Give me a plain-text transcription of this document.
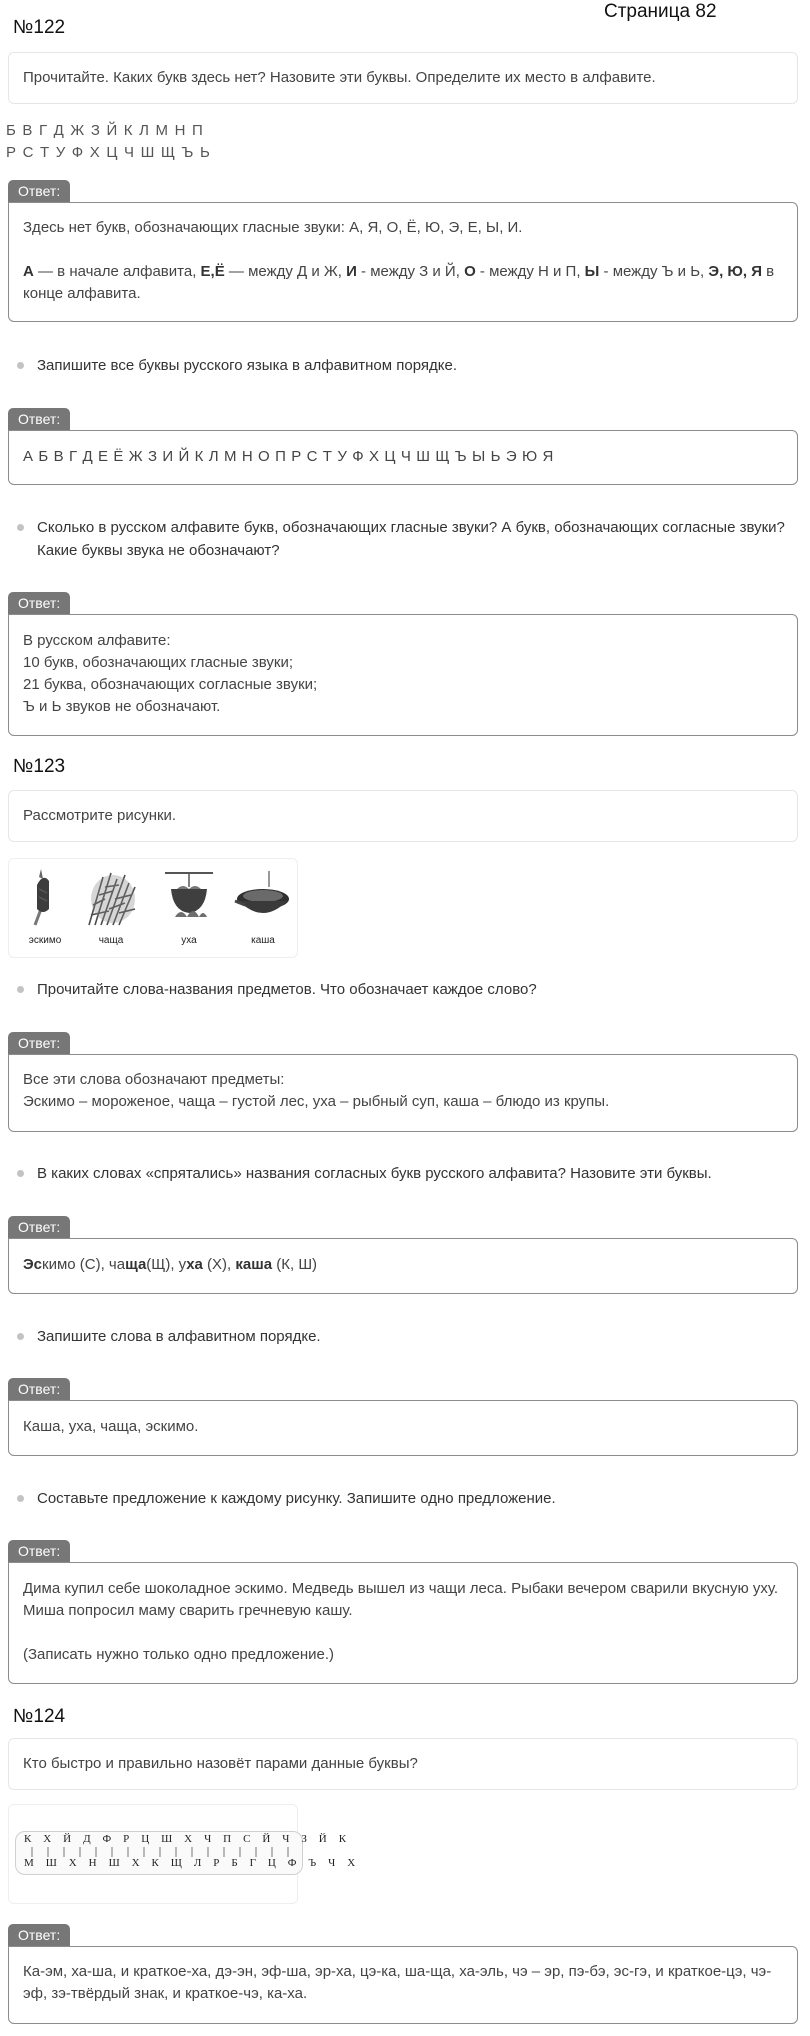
Страница 82
№122
Прочитайте. Каких букв здесь нет? Назовите эти буквы. Определите их место в алфавите.
Б В Г Д Ж З Й К Л М Н П
Р С Т У Ф Х Ц Ч Ш Щ Ъ Ь
Ответ:
Здесь нет букв, обозначающих гласные звуки: А, Я, О, Ё, Ю, Э, Е, Ы, И.
А — в начале алфавита, Е,Ё — между Д и Ж, И - между З и Й, О - между Н и П, Ы - между Ъ и Ь, Э, Ю, Я в конце алфавита.
Запишите все буквы русского языка в алфавитном порядке.
Ответ:
А Б В Г Д Е Ё Ж З И Й К Л М Н О П Р С Т У Ф Х Ц Ч Ш Щ Ъ Ы Ь Э Ю Я
Сколько в русском алфавите букв, обозначающих гласные звуки? А букв, обозначающих согласные звуки? Какие буквы звука не обозначают?
Ответ:
В русском алфавите:
10 букв, обозначающих гласные звуки;
21 буква, обозначающих согласные звуки;
Ъ и Ь звуков не обозначают.
№123
Рассмотрите рисунки.
эскимо	чаща	уха	каша
Прочитайте слова-названия предметов. Что обозначает каждое слово?
Ответ:
Все эти слова обозначают предметы:
Эскимо – мороженое, чаща – густой лес, уха – рыбный суп, каша – блюдо из крупы.
В каких словах «спрятались» названия согласных букв русского алфавита? Назовите эти буквы.
Ответ:
Эскимо (С), чаща(Щ), уха (Х), каша (К, Ш)
Запишите слова в алфавитном порядке.
Ответ:
Каша, уха, чаща, эскимо.
Составьте предложение к каждому рисунку. Запишите одно предложение.
Ответ:
Дима купил себе шоколадное эскимо. Медведь вышел из чащи леса. Рыбаки вечером сварили вкусную уху. Миша попросил маму сварить гречневую кашу.
(Записать нужно только одно предложение.)
№124
Кто быстро и правильно назовёт парами данные буквы?
К Х Й Д Ф Р Ц Ш Х Ч П С Й Ч З Й К
М Ш Х Н Ш Х К Щ Л Р Б Г Ц Ф Ъ Ч Х
Ответ:
Ка-эм, ха-ша, и краткое-ха, дэ-эн, эф-ша, эр-ха, цэ-ка, ша-ща, ха-эль, чэ – эр, пэ-бэ, эс-гэ, и краткое-цэ, чэ-эф, зэ-твёрдый знак, и краткое-чэ, ка-ха.
